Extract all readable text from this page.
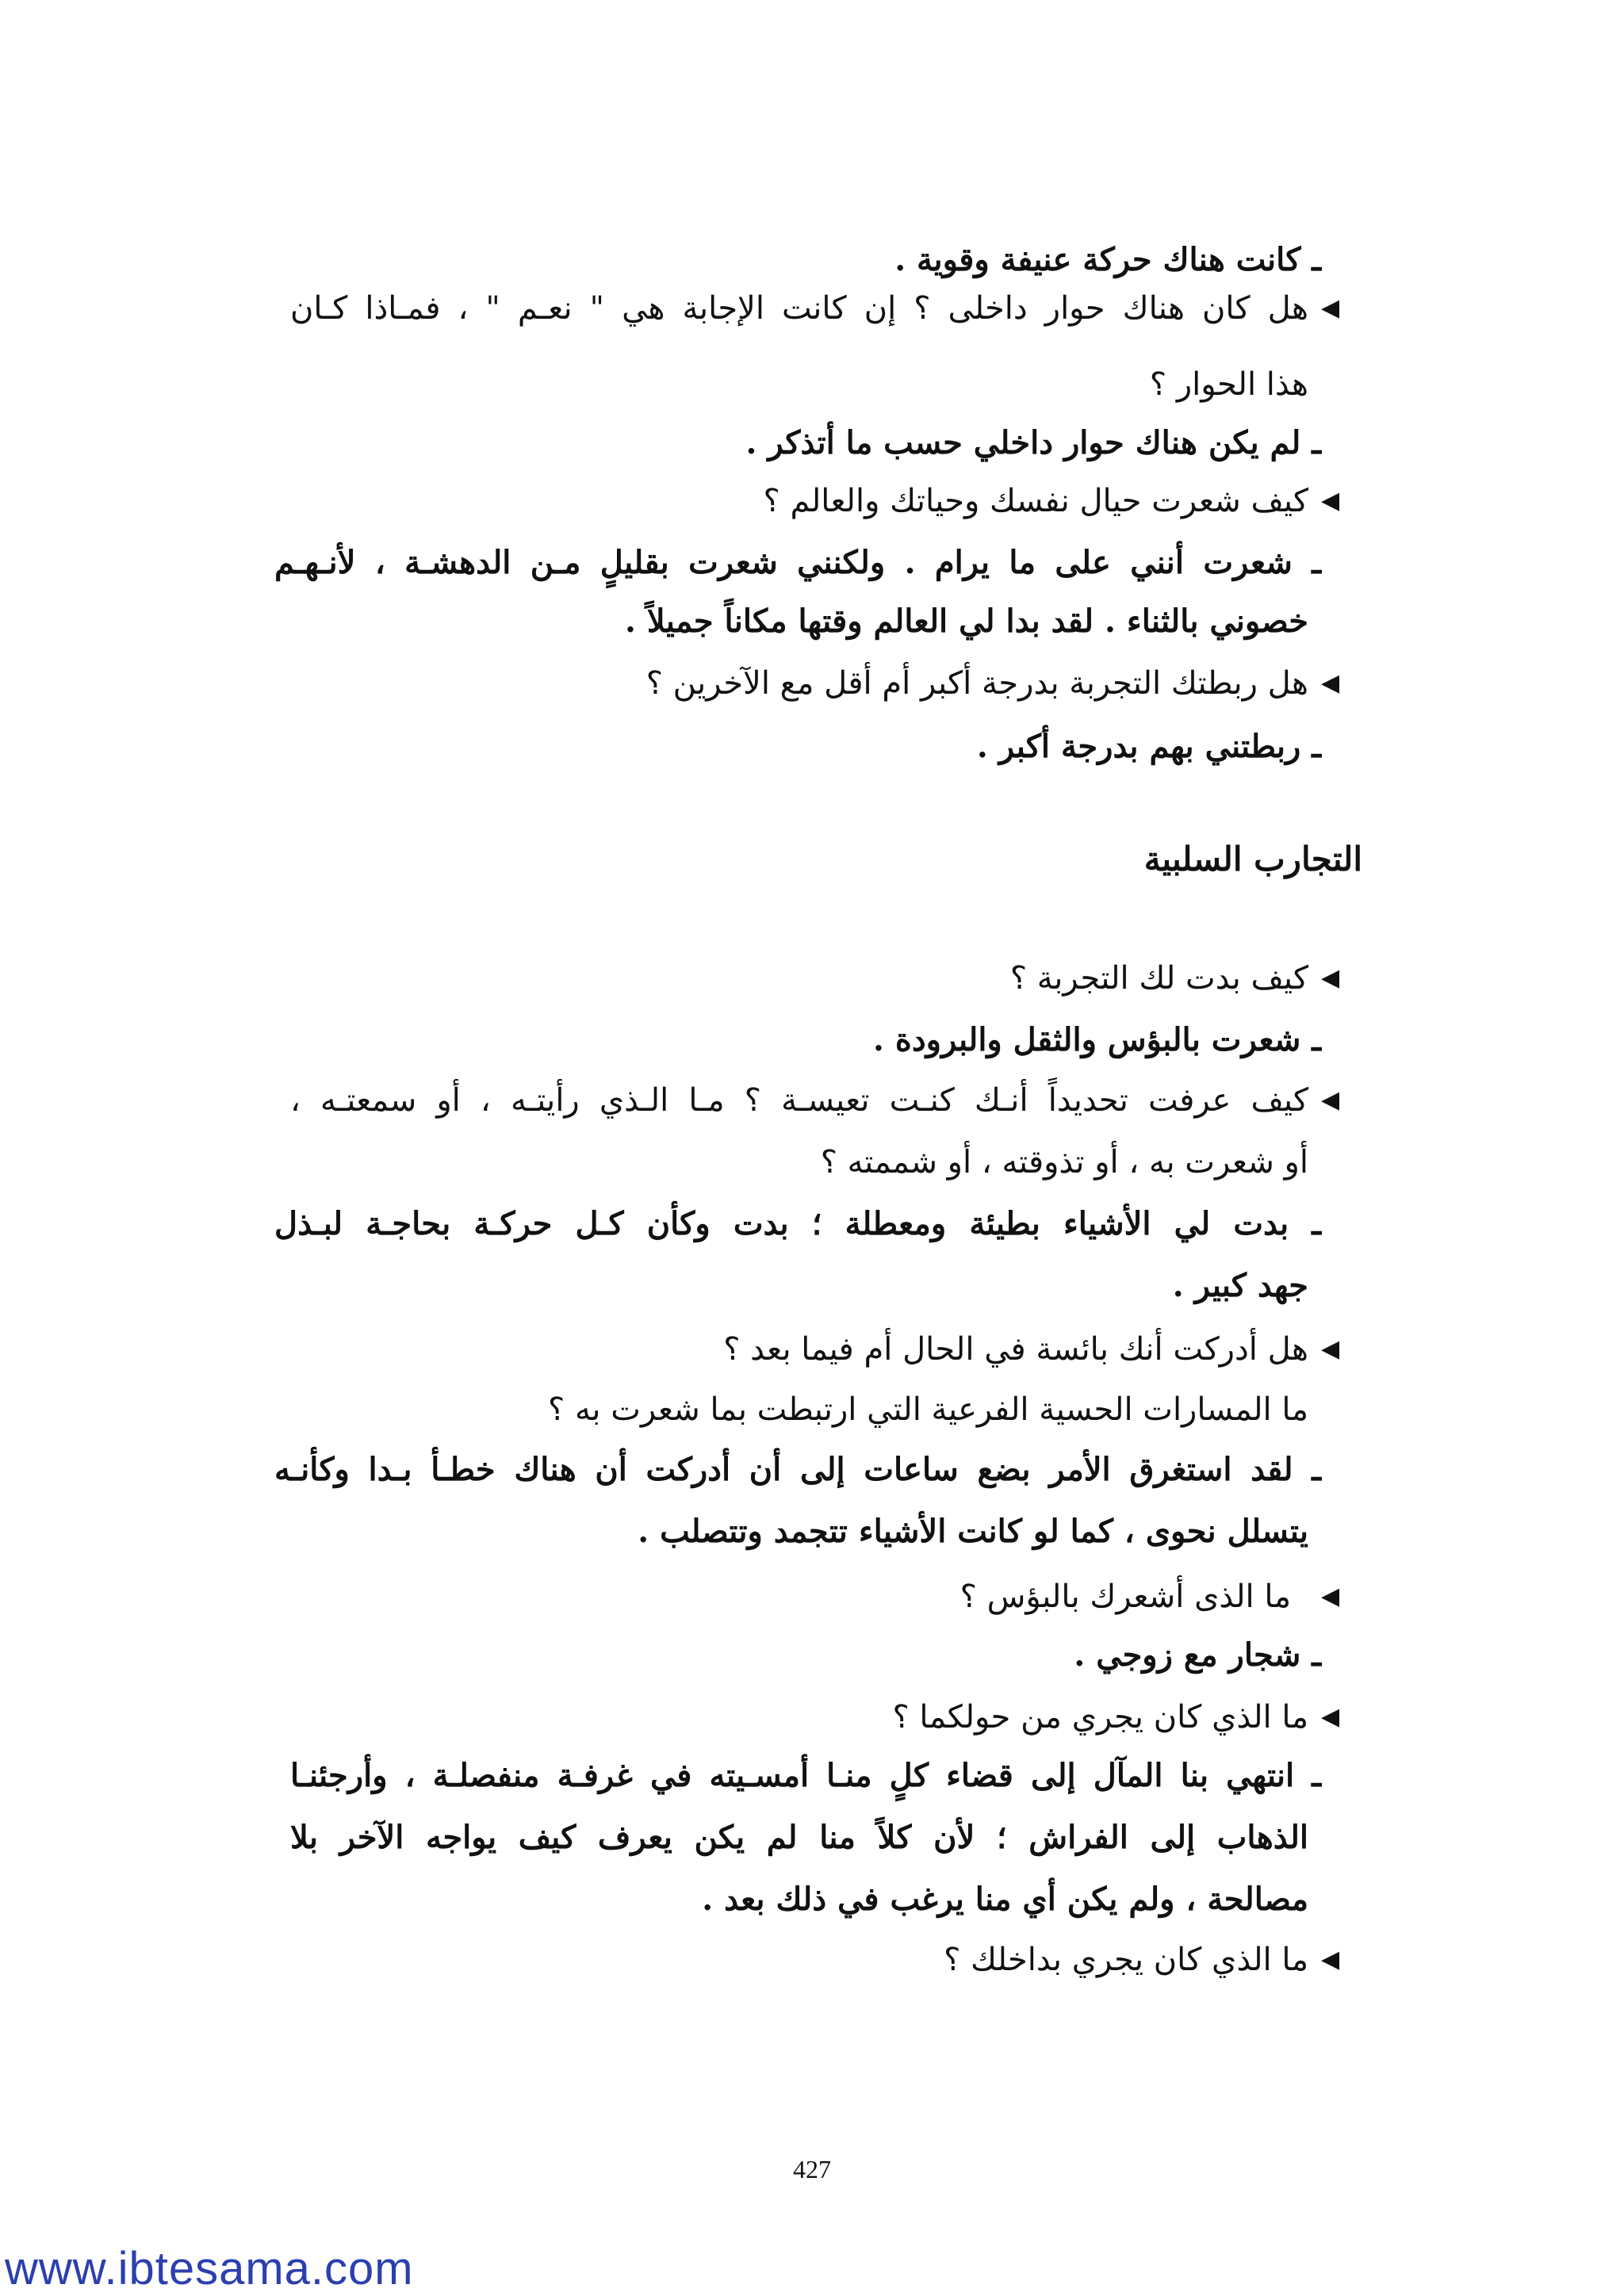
ـ كانت هناك حركة عنيفة وقوية .
◀
هل كان هناك حوار داخلى ؟ إن كانت الإجابة هي " نعـم " ، فمـاذا كـان
هذا الحوار ؟
ـ لم يكن هناك حوار داخلي حسب ما أتذكر .
◀
كيف شعرت حيال نفسك وحياتك والعالم ؟
ـ شعرت أنني على ما يرام . ولكنني شعرت بقليلٍ مـن الدهشـة ، لأنـهـم
خصوني بالثناء . لقد بدا لي العالم وقتها مكاناً جميلاً .
◀
هل ربطتك التجربة بدرجة أكبر أم أقل مع الآخرين ؟
ـ ربطتني بهم بدرجة أكبر .
التجارب السلبية
◀
كيف بدت لك التجربة ؟
ـ شعرت بالبؤس والثقل والبرودة .
◀
كيف عرفت تحديداً أنـك كنـت تعيسـة ؟ مـا الـذي رأيتـه ، أو سمعتـه ،
أو شعرت به ، أو تذوقته ، أو شممته ؟
ـ بدت لي الأشياء بطيئة ومعطلة ؛ بدت وكأن كـل حركـة بحاجـة لبـذل
جهد كبير .
◀
هل أدركت أنك بائسة في الحال أم فيما بعد ؟
ما المسارات الحسية الفرعية التي ارتبطت بما شعرت به ؟
ـ لقد استغرق الأمر بضع ساعات إلى أن أدركت أن هناك خطـأ بـدا وكأنـه
يتسلل نحوى ، كما لو كانت الأشياء تتجمد وتتصلب .
◀
ما الذى أشعرك بالبؤس ؟
ـ شجار مع زوجي .
◀
ما الذي كان يجري من حولكما ؟
ـ انتهي بنا المآل إلى قضاء كلٍ منـا أمسـيته في غرفـة منفصلـة ، وأرجئنـا
الذهاب إلى الفراش ؛ لأن كلاً منا لم يكن يعرف كيف يواجه الآخر بلا
مصالحة ، ولم يكن أي منا يرغب في ذلك بعد .
◀
ما الذي كان يجري بداخلك ؟
427
www.ibtesama.com
